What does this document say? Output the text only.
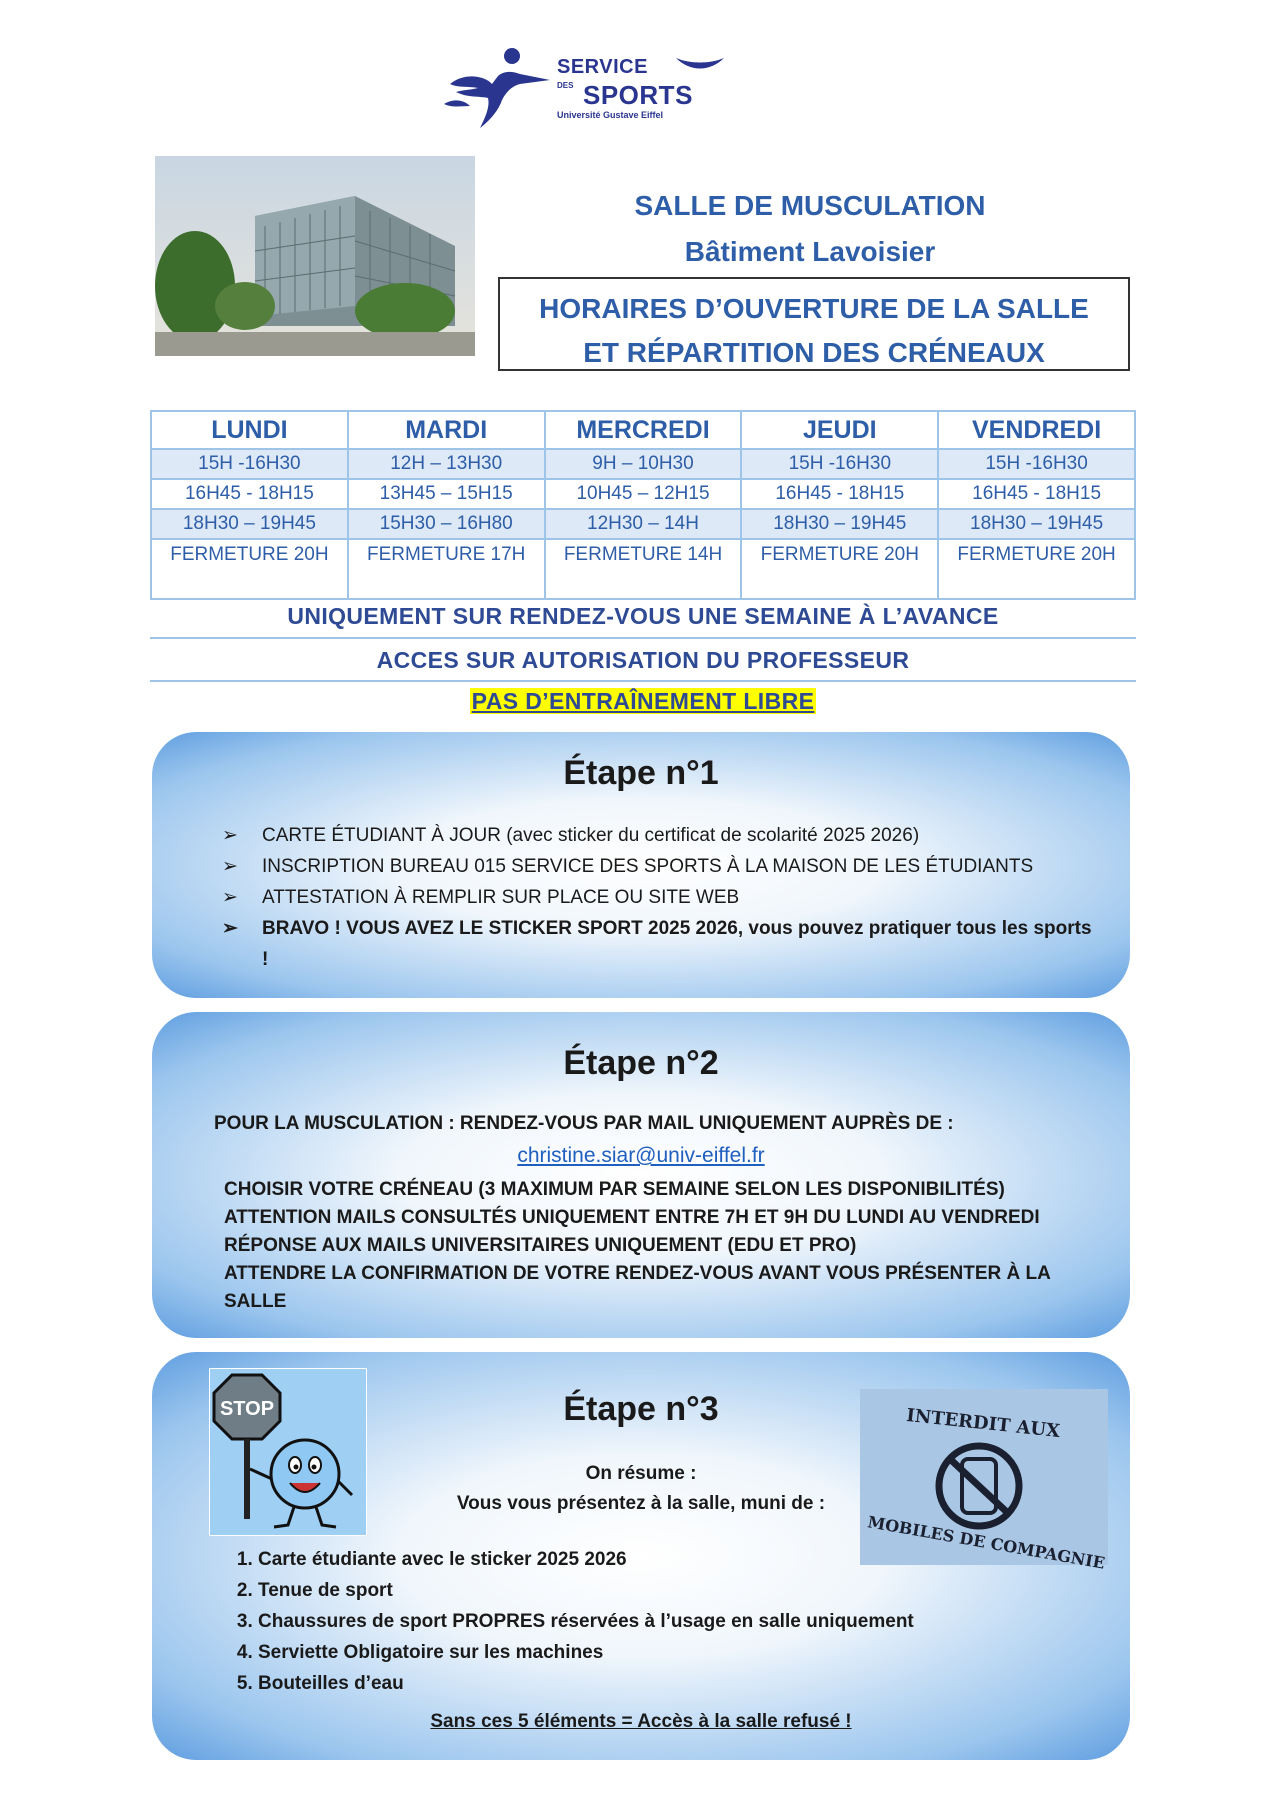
SERVICE
DES SPORTS
Université Gustave Eiffel
SALLE DE MUSCULATION
Bâtiment Lavoisier
HORAIRES D’OUVERTURE DE LA SALLE
ET RÉPARTITION DES CRÉNEAUX
LUNDI	MARDI	MERCREDI	JEUDI	VENDREDI
15H -16H30	12H – 13H30	9H – 10H30	15H -16H30	15H -16H30
16H45 - 18H15	13H45 – 15H15	10H45 – 12H15	16H45 - 18H15	16H45 - 18H15
18H30 – 19H45	15H30 – 16H80	12H30 – 14H	18H30 – 19H45	18H30 – 19H45
FERMETURE 20H	FERMETURE 17H	FERMETURE 14H	FERMETURE 20H	FERMETURE 20H
UNIQUEMENT SUR RENDEZ-VOUS UNE SEMAINE À L’AVANCE
ACCES SUR AUTORISATION DU PROFESSEUR
PAS D’ENTRAÎNEMENT LIBRE
Étape n°1
➢ CARTE ÉTUDIANT À JOUR (avec sticker du certificat de scolarité 2025 2026)
➢ INSCRIPTION BUREAU 015 SERVICE DES SPORTS À LA MAISON DE LES ÉTUDIANTS
➢ ATTESTATION À REMPLIR SUR PLACE OU SITE WEB
➢ BRAVO ! VOUS AVEZ LE STICKER SPORT 2025 2026, vous pouvez pratiquer tous les sports !
Étape n°2
POUR LA MUSCULATION : RENDEZ-VOUS PAR MAIL UNIQUEMENT AUPRÈS DE :
christine.siar@univ-eiffel.fr
CHOISIR VOTRE CRÉNEAU (3 MAXIMUM PAR SEMAINE SELON LES DISPONIBILITÉS)
ATTENTION MAILS CONSULTÉS UNIQUEMENT ENTRE 7H ET 9H DU LUNDI AU VENDREDI
RÉPONSE AUX MAILS UNIVERSITAIRES UNIQUEMENT (EDU ET PRO)
ATTENDRE LA CONFIRMATION DE VOTRE RENDEZ-VOUS AVANT VOUS PRÉSENTER À LA SALLE
Étape n°3
On résume :
Vous vous présentez à la salle, muni de :
1. Carte étudiante avec le sticker 2025 2026
2. Tenue de sport
3. Chaussures de sport PROPRES réservées à l’usage en salle uniquement
4. Serviette Obligatoire sur les machines
5. Bouteilles d’eau
Sans ces 5 éléments = Accès à la salle refusé !
STOP	INTERDIT AUX
MOBILES DE COMPAGNIE
